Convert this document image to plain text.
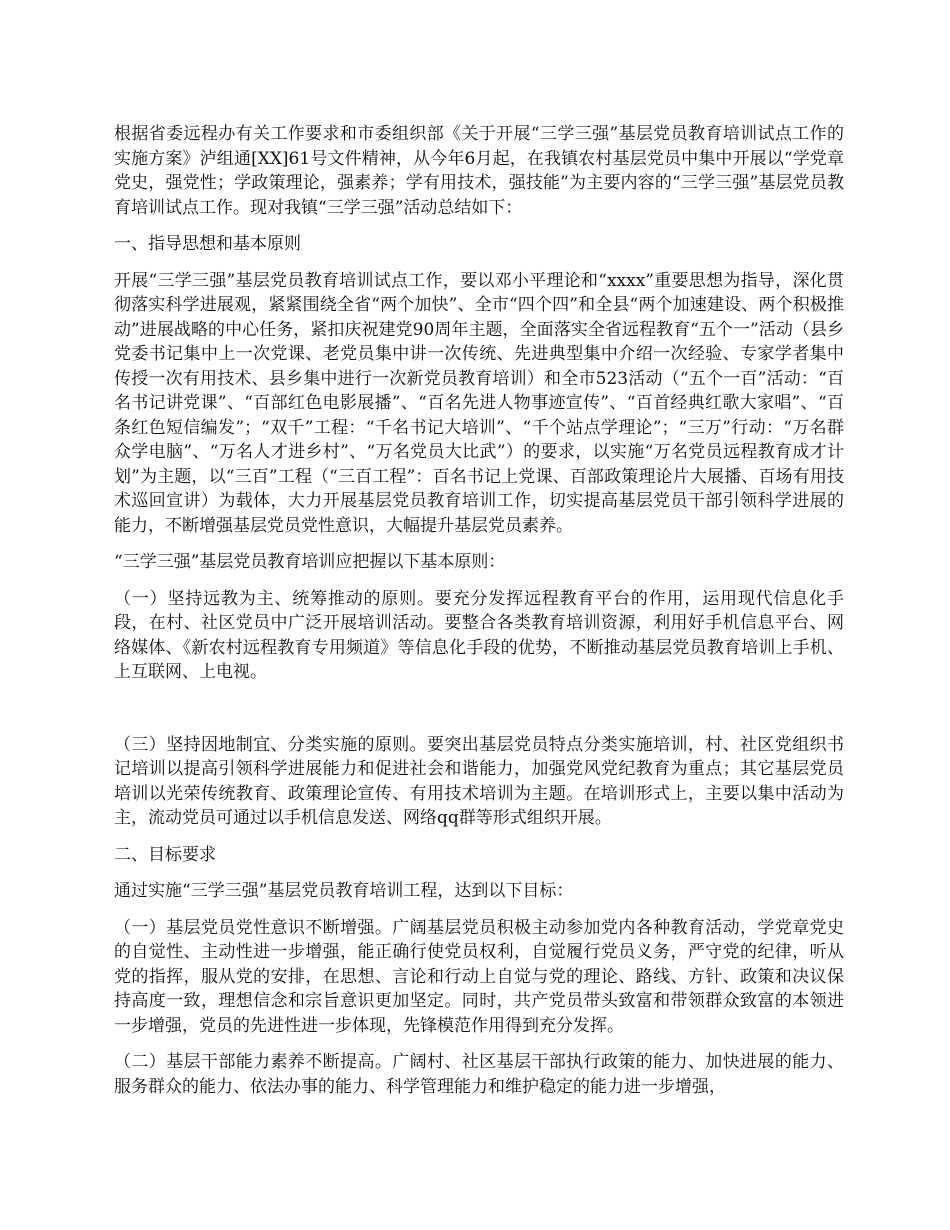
根据省委远程办有关工作要求和市委组织部《关于开展“三学三强”基层党员教育培训试点工作的实施方案》泸组通[XX]61号文件精神，从今年6月起，在我镇农村基层党员中集中开展以“学党章党史，强党性；学政策理论，强素养；学有用技术，强技能”为主要内容的“三学三强”基层党员教育培训试点工作。现对我镇“三学三强”活动总结如下：

一、指导思想和基本原则

开展“三学三强”基层党员教育培训试点工作，要以邓小平理论和“xxxx”重要思想为指导，深化贯彻落实科学进展观，紧紧围绕全省“两个加快”、全市“四个四”和全县“两个加速建设、两个积极推动”进展战略的中心任务，紧扣庆祝建党90周年主题，全面落实全省远程教育“五个一”活动（县乡党委书记集中上一次党课、老党员集中讲一次传统、先进典型集中介绍一次经验、专家学者集中传授一次有用技术、县乡集中进行一次新党员教育培训）和全市523活动（“五个一百”活动：“百名书记讲党课”、“百部红色电影展播”、“百名先进人物事迹宣传”、“百首经典红歌大家唱”、“百条红色短信编发”；“双千”工程：“千名书记大培训”、“千个站点学理论”；“三万”行动：“万名群众学电脑”、“万名人才进乡村”、“万名党员大比武”）的要求，以实施“万名党员远程教育成才计划”为主题，以“三百”工程（“三百工程”：百名书记上党课、百部政策理论片大展播、百场有用技术巡回宣讲）为载体，大力开展基层党员教育培训工作，切实提高基层党员干部引领科学进展的能力，不断增强基层党员党性意识，大幅提升基层党员素养。

“三学三强”基层党员教育培训应把握以下基本原则：

（一）坚持远教为主、统筹推动的原则。要充分发挥远程教育平台的作用，运用现代信息化手段，在村、社区党员中广泛开展培训活动。要整合各类教育培训资源，利用好手机信息平台、网络媒体、《新农村远程教育专用频道》等信息化手段的优势，不断推动基层党员教育培训上手机、上互联网、上电视。

（三）坚持因地制宜、分类实施的原则。要突出基层党员特点分类实施培训，村、社区党组织书记培训以提高引领科学进展能力和促进社会和谐能力，加强党风党纪教育为重点；其它基层党员培训以光荣传统教育、政策理论宣传、有用技术培训为主题。在培训形式上，主要以集中活动为主，流动党员可通过以手机信息发送、网络qq群等形式组织开展。

二、目标要求

通过实施“三学三强”基层党员教育培训工程，达到以下目标：

（一）基层党员党性意识不断增强。广阔基层党员积极主动参加党内各种教育活动，学党章党史的自觉性、主动性进一步增强，能正确行使党员权利，自觉履行党员义务，严守党的纪律，听从党的指挥，服从党的安排，在思想、言论和行动上自觉与党的理论、路线、方针、政策和决议保持高度一致，理想信念和宗旨意识更加坚定。同时，共产党员带头致富和带领群众致富的本领进一步增强，党员的先进性进一步体现，先锋模范作用得到充分发挥。

（二）基层干部能力素养不断提高。广阔村、社区基层干部执行政策的能力、加快进展的能力、服务群众的能力、依法办事的能力、科学管理能力和维护稳定的能力进一步增强，
